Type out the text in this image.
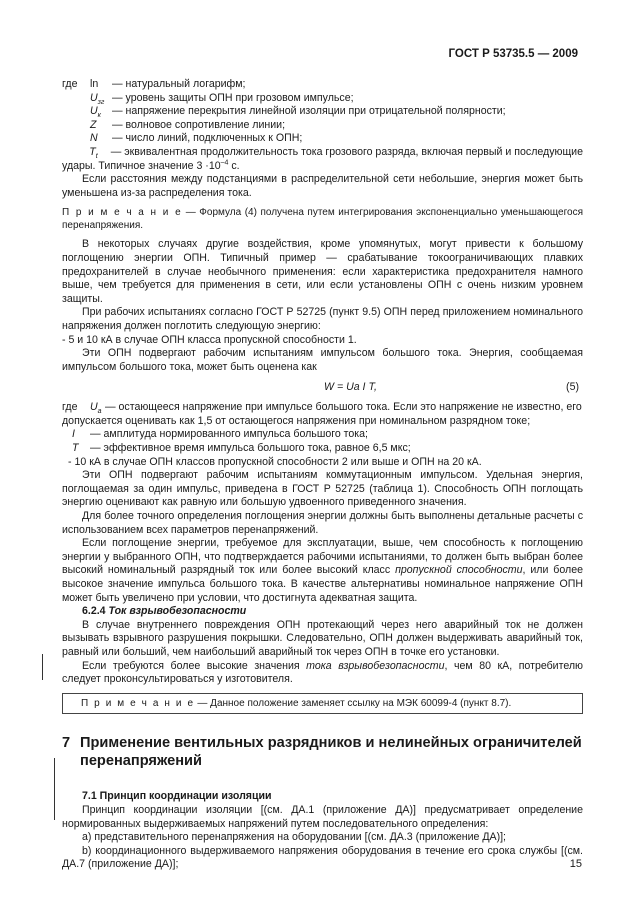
ГОСТ Р 53735.5 — 2009
где	ln	— натуральный логарифм;
$U_{зг}$ — уровень защиты ОПН при грозовом импульсе;
$U_к$	— напряжение перекрытия линейной изоляции при отрицательной полярности;
Z	— волновое сопротивление линии;
N	— число линий, подключенных к ОПН;
$T_t$	— эквивалентная продолжительность тока грозового разряда, включая первый и последующие

удары. Типичное значение $3 \cdot 10^{-4}$ с.

Если расстояния между подстанциями в распределительной сети небольшие, энергия может быть уменьшена из-за распределения тока.

П р и м е ч а н и е — Формула (4) получена путем интегрирования экспоненциально уменьшающегося перенапряжения.

В некоторых случаях другие воздействия, кроме упомянутых, могут привести к большому поглощению энергии ОПН. Типичный пример — срабатывание токоограничивающих плавких предохранителей в случае необычного применения: если характеристика предохранителя намного выше, чем требуется для применения в сети, или если установлены ОПН с очень низким уровнем защиты.

При рабочих испытаниях согласно ГОСТ Р 52725 (пункт 9.5) ОПН перед приложением номинального напряжения должен поглотить следующую энергию:

- 5 и 10 кА в случае ОПН класса пропускной способности 1.

Эти ОПН подвергают рабочим испытаниям импульсом большого тока. Энергия, сообщаемая импульсом большого тока, может быть оценена как

W = Uа I T,	(5)
где	$U_a$ — остающееся напряжение при импульсе большого тока. Если это напряжение не известно, его

допускается оценивать как 1,5 от остающегося напряжения при номинальном разрядном токе;

I	— амплитуда нормированного импульса большого тока;
T	— эффективное время импульса большого тока, равное 6,5 мкс;

- 10 кА в случае ОПН классов пропускной способности 2 или выше и ОПН на 20 кА.

Эти ОПН подвергают рабочим испытаниям коммутационным импульсом. Удельная энергия, поглощаемая за один импульс, приведена в ГОСТ Р 52725 (таблица 1). Способность ОПН поглощать энергию оценивают как равную или большую удвоенного приведенного значения.

Для более точного определения поглощения энергии должны быть выполнены детальные расчеты с использованием всех параметров перенапряжений.

Если поглощение энергии, требуемое для эксплуатации, выше, чем способность к поглощению энергии у выбранного ОПН, что подтверждается рабочими испытаниями, то должен быть выбран более высокий номинальный разрядный ток или более высокий класс пропускной способности, или более высокое значение импульса большого тока. В качестве альтернативы номинальное напряжение ОПН может быть увеличено при условии, что достигнута адекватная защита.

6.2.4 Ток взрывобезопасности

В случае внутреннего повреждения ОПН протекающий через него аварийный ток не должен вызывать взрывного разрушения покрышки. Следовательно, ОПН должен выдерживать аварийный ток, равный или больший, чем наибольший аварийный ток через ОПН в точке его установки.

Если требуются более высокие значения тока взрывобезопасности, чем 80 кА, потребителю следует проконсультироваться у изготовителя.

П р и м е ч а н и е — Данное положение заменяет ссылку на МЭК 60099-4 (пункт 8.7).
7 Применение вентильных разрядников и нелинейных ограничителей
перенапряжений

7.1 Принцип координации изоляции

Принцип координации изоляции [(см. ДА.1 (приложение ДА)] предусматривает определение нормированных выдерживаемых напряжений путем последовательного определения:

a) представительного перенапряжения на оборудовании [(см. ДА.3 (приложение ДА)];

b) координационного выдерживаемого напряжения оборудования в течение его срока службы [(см. ДА.7 (приложение ДА)];	15
